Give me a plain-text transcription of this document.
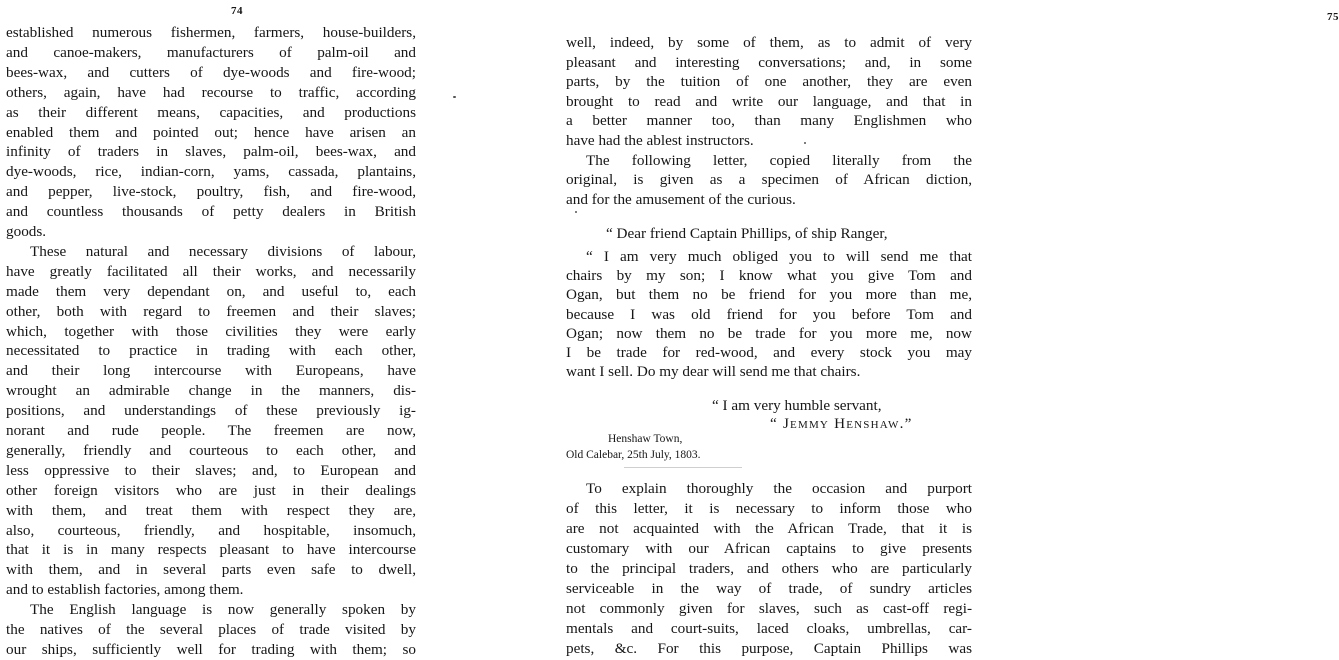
74	75
established numerous fishermen, farmers, house-builders,
and canoe-makers, manufacturers of palm-oil and
bees-wax, and cutters of dye-woods and fire-wood;
others, again, have had recourse to traffic, according
as their different means, capacities, and productions
enabled them and pointed out; hence have arisen an
infinity of traders in slaves, palm-oil, bees-wax, and
dye-woods, rice, indian-corn, yams, cassada, plantains,
and pepper, live-stock, poultry, fish, and fire-wood,
and countless thousands of petty dealers in British
goods.
These natural and necessary divisions of labour,
have greatly facilitated all their works, and necessarily
made them very dependant on, and useful to, each
other, both with regard to freemen and their slaves;
which, together with those civilities they were early
necessitated to practice in trading with each other,
and their long intercourse with Europeans, have
wrought an admirable change in the manners, dis-
positions, and understandings of these previously ig-
norant and rude people. The freemen are now,
generally, friendly and courteous to each other, and
less oppressive to their slaves; and, to European and
other foreign visitors who are just in their dealings
with them, and treat them with respect they are,
also, courteous, friendly, and hospitable, insomuch,
that it is in many respects pleasant to have intercourse
with them, and in several parts even safe to dwell,
and to establish factories, among them.
The English language is now generally spoken by
the natives of the several places of trade visited by
our ships, sufficiently well for trading with them; so
well, indeed, by some of them, as to admit of very
pleasant and interesting conversations; and, in some
parts, by the tuition of one another, they are even
brought to read and write our language, and that in
a better manner too, than many Englishmen who
have had the ablest instructors.
The following letter, copied literally from the
original, is given as a specimen of African diction,
and for the amusement of the curious.
“ Dear friend Captain Phillips, of ship Ranger,
“ I am very much obliged you to will send me that
chairs by my son; I know what you give Tom and
Ogan, but them no be friend for you more than me,
because I was old friend for you before Tom and
Ogan; now them no be trade for you more me, now
I be trade for red-wood, and every stock you may
want I sell. Do my dear will send me that chairs.
“ I am very humble servant,
“ Jemmy Henshaw.”
Henshaw Town,
Old Calebar, 25th July, 1803.
To explain thoroughly the occasion and purport
of this letter, it is necessary to inform those who
are not acquainted with the African Trade, that it is
customary with our African captains to give presents
to the principal traders, and others who are particularly
serviceable in the way of trade, of sundry articles
not commonly given for slaves, such as cast-off regi-
mentals and court-suits, laced cloaks, umbrellas, car-
pets, &c. For this purpose, Captain Phillips was
